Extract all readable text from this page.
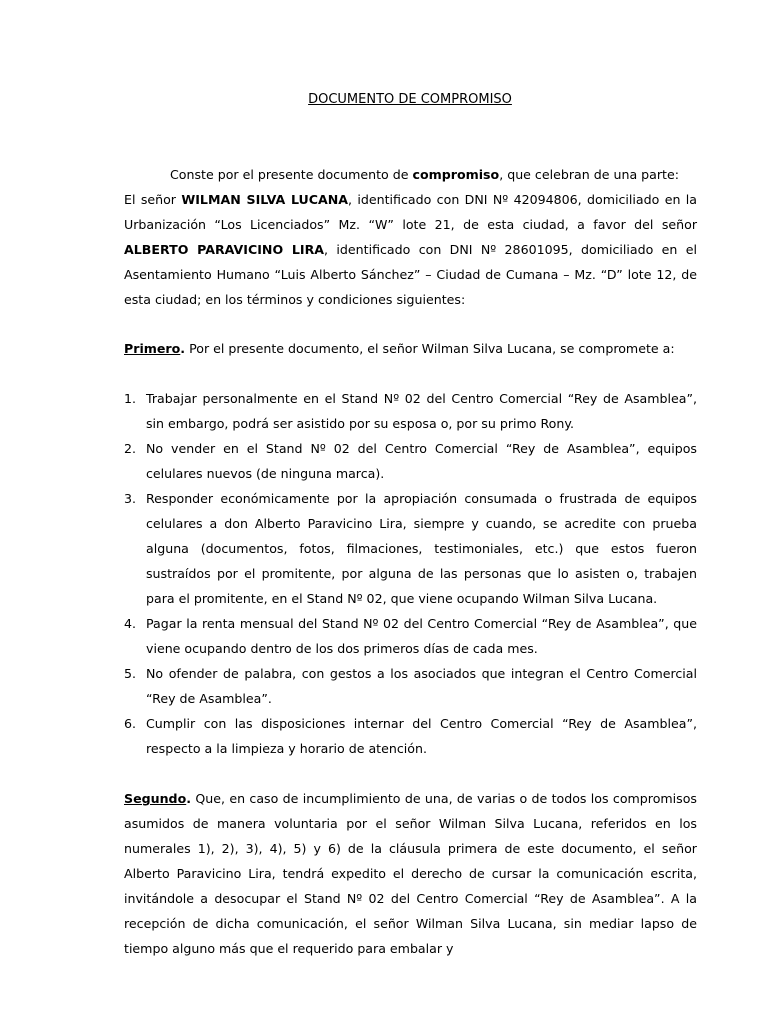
DOCUMENTO DE COMPROMISO

Conste por el presente documento de compromiso, que celebran de una parte:

El señor WILMAN SILVA LUCANA, identificado con DNI Nº 42094806, domiciliado en la Urbanización “Los Licenciados” Mz. “W” lote 21, de esta ciudad, a favor del señor ALBERTO PARAVICINO LIRA, identificado con DNI Nº 28601095, domiciliado en el Asentamiento Humano “Luis Alberto Sánchez” – Ciudad de Cumana – Mz. “D” lote 12, de esta ciudad; en los términos y condiciones siguientes:

Primero. Por el presente documento, el señor Wilman Silva Lucana, se compromete a:

1. Trabajar personalmente en el Stand Nº 02 del Centro Comercial “Rey de Asamblea”, sin embargo, podrá ser asistido por su esposa o, por su primo Rony.
2. No vender en el Stand Nº 02 del Centro Comercial “Rey de Asamblea”, equipos celulares nuevos (de ninguna marca).
3. Responder económicamente por la apropiación consumada o frustrada de equipos celulares a don Alberto Paravicino Lira, siempre y cuando, se acredite con prueba alguna (documentos, fotos, filmaciones, testimoniales, etc.) que estos fueron sustraídos por el promitente, por alguna de las personas que lo asisten o, trabajen para el promitente, en el Stand Nº 02, que viene ocupando Wilman Silva Lucana.
4. Pagar la renta mensual del Stand Nº 02 del Centro Comercial “Rey de Asamblea”, que viene ocupando dentro de los dos primeros días de cada mes.
5. No ofender de palabra, con gestos a los asociados que integran el Centro Comercial “Rey de Asamblea”.
6. Cumplir con las disposiciones internar del Centro Comercial “Rey de Asamblea”, respecto a la limpieza y horario de atención.

Segundo. Que, en caso de incumplimiento de una, de varias o de todos los compromisos asumidos de manera voluntaria por el señor Wilman Silva Lucana, referidos en los numerales 1), 2), 3), 4), 5) y 6) de la cláusula primera de este documento, el señor Alberto Paravicino Lira, tendrá expedito el derecho de cursar la comunicación escrita, invitándole a desocupar el Stand Nº 02 del Centro Comercial “Rey de Asamblea”. A la recepción de dicha comunicación, el señor Wilman Silva Lucana, sin mediar lapso de tiempo alguno más que el requerido para embalar y
